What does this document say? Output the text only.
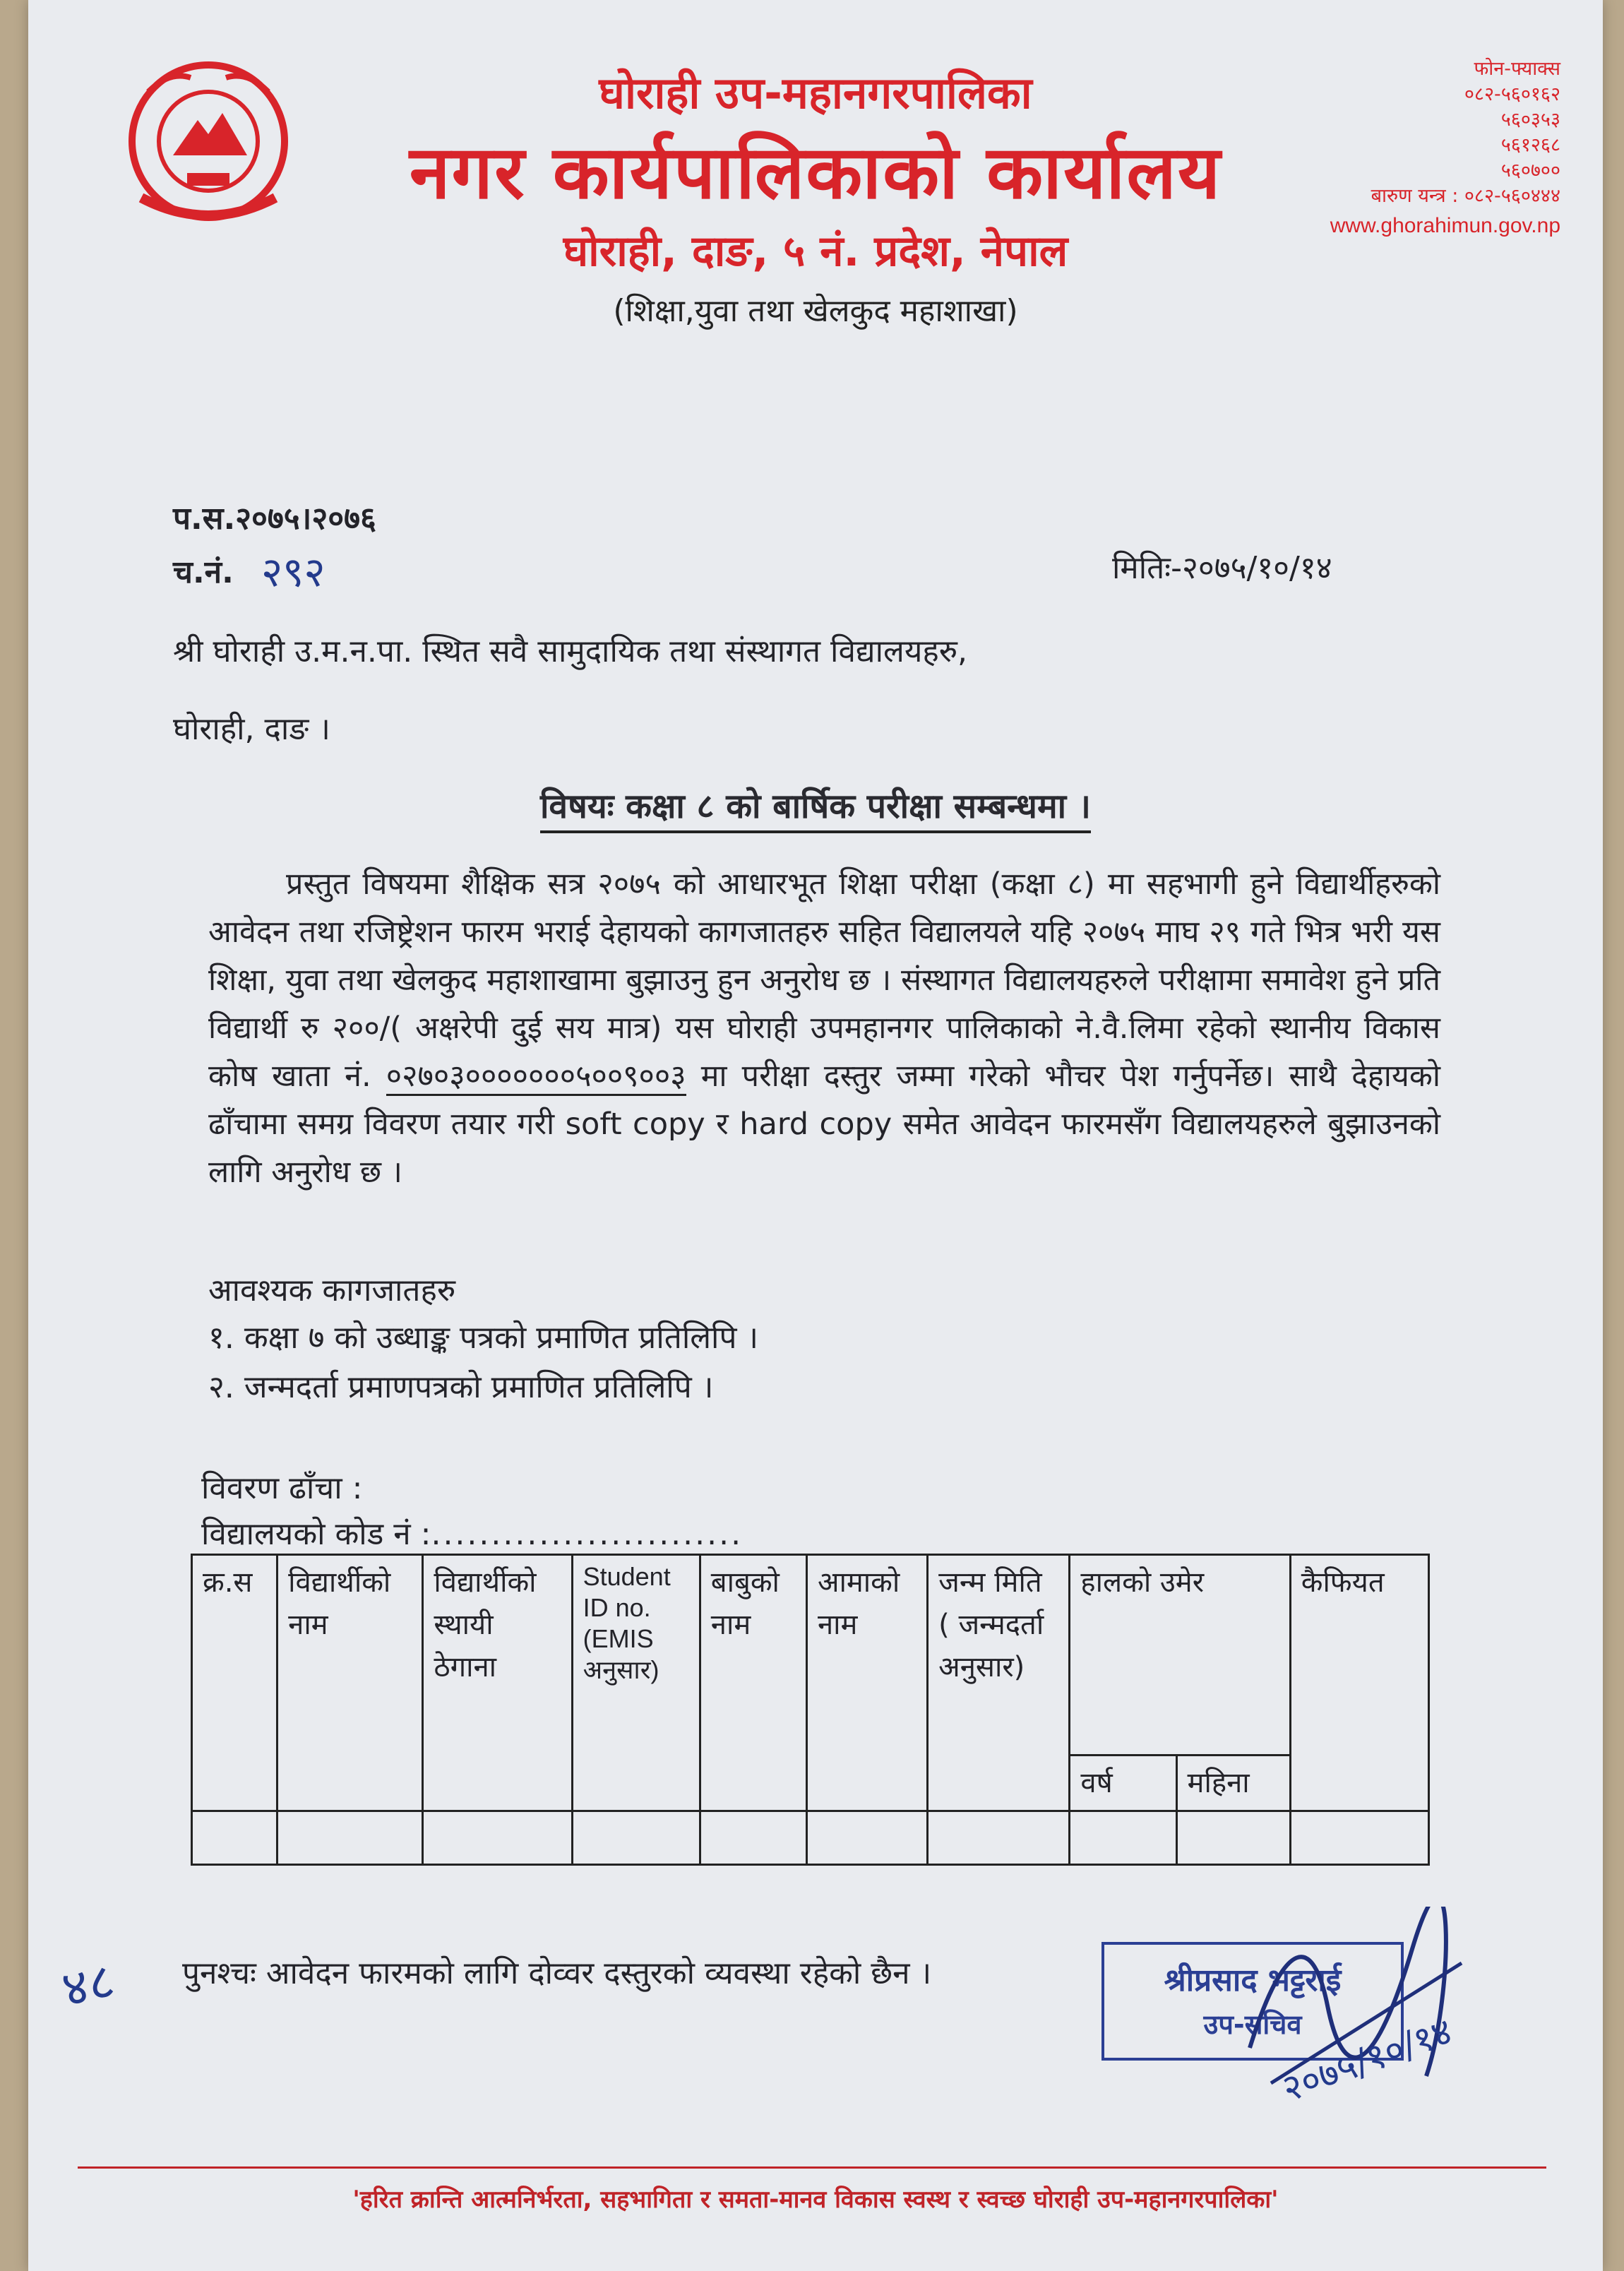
घोराही उप-महानगरपालिका
नगर कार्यपालिकाको कार्यालय
घोराही, दाङ, ५ नं. प्रदेश, नेपाल
(शिक्षा,युवा तथा खेलकुद महाशाखा)
फोन-फ्याक्स
०८२-५६०१६२
५६०३५३
५६१२६८
५६०७००
बारुण यन्त्र : ०८२-५६०४४४
www.ghorahimun.gov.np
प.स.२०७५।२०७६
च.नं. २९२	मितिः-२०७५/१०/१४
श्री घोराही उ.म.न.पा. स्थित सवै सामुदायिक तथा संस्थागत विद्यालयहरु,
घोराही, दाङ ।
विषयः कक्षा ८ को बार्षिक परीक्षा सम्बन्धमा ।
प्रस्तुत विषयमा शैक्षिक सत्र २०७५ को आधारभूत शिक्षा परीक्षा (कक्षा ८) मा सहभागी हुने विद्यार्थीहरुको आवेदन तथा रजिष्ट्रेशन फारम भराई देहायको कागजातहरु सहित विद्यालयले यहि २०७५ माघ २९ गते भित्र भरी यस शिक्षा, युवा तथा खेलकुद महाशाखामा बुझाउनु हुन अनुरोध छ । संस्थागत विद्यालयहरुले परीक्षामा समावेश हुने प्रति विद्यार्थी रु २००/( अक्षरेपी दुई सय मात्र) यस घोराही उपमहानगर पालिकाको ने.वै.लिमा रहेको स्थानीय विकास कोष खाता नं. ०२७०३०००००००५००९००३ मा परीक्षा दस्तुर जम्मा गरेको भौचर पेश गर्नुपर्नेछ। साथै देहायको ढाँचामा समग्र विवरण तयार गरी soft copy र hard copy समेत आवेदन फारमसँग विद्यालयहरुले बुझाउनको लागि अनुरोध छ ।
आवश्यक कागजातहरु
१. कक्षा ७ को उब्धाङ्क पत्रको प्रमाणित प्रतिलिपि ।
२. जन्मदर्ता प्रमाणपत्रको प्रमाणित प्रतिलिपि ।
विवरण ढाँचा :
विद्यालयको कोड नं :..........................
क्र.स	विद्यार्थीको नाम	विद्यार्थीको स्थायी ठेगाना	Student ID no. (EMIS अनुसार)	बाबुको नाम	आमाको नाम	जन्म मिति ( जन्मदर्ता अनुसार)	हालको उमेर		कैफियत
							वर्ष	महिना	

४८ पुनश्चः आवेदन फारमको लागि दोव्वर दस्तुरको व्यवस्था रहेको छैन ।	श्रीप्रसाद भट्टराई
उप-सचिव
२०७५/१०/१४
'हरित क्रान्ति आत्मनिर्भरता, सहभागिता र समता-मानव विकास स्वस्थ र स्वच्छ घोराही उप-महानगरपालिका'
